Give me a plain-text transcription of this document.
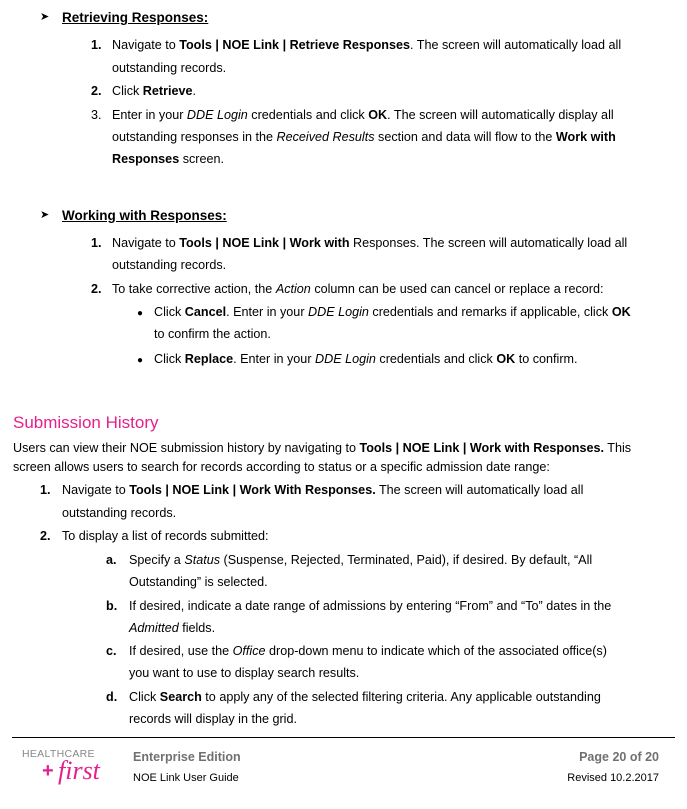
➤ Retrieving Responses:
1. Navigate to Tools | NOE Link | Retrieve Responses. The screen will automatically load all
outstanding records.
2. Click Retrieve.
3. Enter in your DDE Login credentials and click OK. The screen will automatically display all
outstanding responses in the Received Results section and data will flow to the Work with
Responses screen.
➤ Working with Responses:
1. Navigate to Tools | NOE Link | Work with Responses. The screen will automatically load all
outstanding records.
2. To take corrective action, the Action column can be used can cancel or replace a record:
● Click Cancel. Enter in your DDE Login credentials and remarks if applicable, click OK
to confirm the action.
● Click Replace. Enter in your DDE Login credentials and click OK to confirm.
Submission History
Users can view their NOE submission history by navigating to Tools | NOE Link | Work with Responses. This
screen allows users to search for records according to status or a specific admission date range:
1. Navigate to Tools | NOE Link | Work With Responses. The screen will automatically load all
outstanding records.
2. To display a list of records submitted:
a. Specify a Status (Suspense, Rejected, Terminated, Paid), if desired. By default, “All
Outstanding” is selected.
b. If desired, indicate a date range of admissions by entering “From” and “To” dates in the
Admitted fields.
c. If desired, use the Office drop-down menu to indicate which of the associated office(s)
you want to use to display search results.
d. Click Search to apply any of the selected filtering criteria. Any applicable outstanding
records will display in the grid.
HEALTHCARE
+ first	Enterprise Edition
NOE Link User Guide
Page 20 of 20
Revised 10.2.2017
